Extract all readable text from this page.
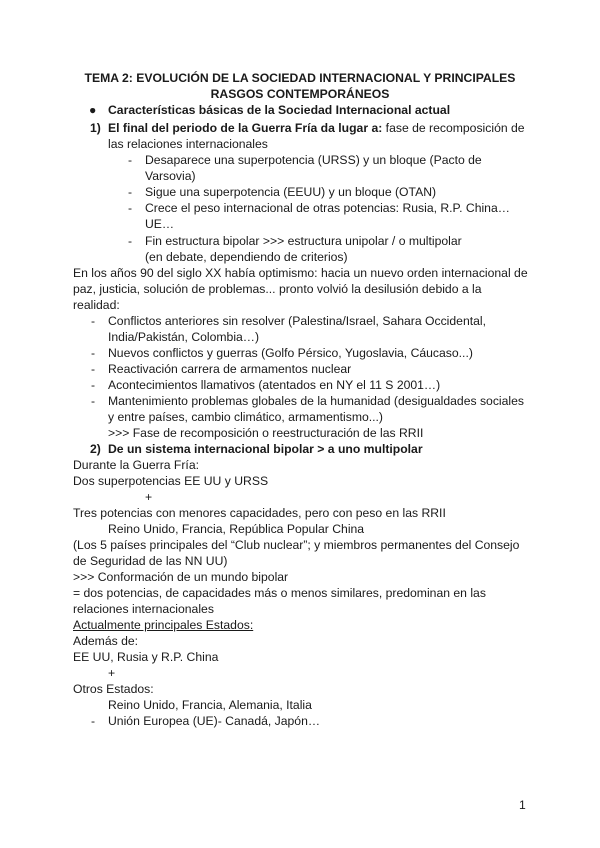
TEMA 2: EVOLUCIÓN DE LA SOCIEDAD INTERNACIONAL Y PRINCIPALES
RASGOS CONTEMPORÁNEOS
● Características básicas de la Sociedad Internacional actual
1) El final del periodo de la Guerra Fría da lugar a: fase de recomposición de
las relaciones internacionales
- Desaparece una superpotencia (URSS) y un bloque (Pacto de
Varsovia)
- Sigue una superpotencia (EEUU) y un bloque (OTAN)
- Crece el peso internacional de otras potencias: Rusia, R.P. China…
UE…
- Fin estructura bipolar >>> estructura unipolar / o multipolar
(en debate, dependiendo de criterios)
En los años 90 del siglo XX había optimismo: hacia un nuevo orden internacional de
paz, justicia, solución de problemas... pronto volvió la desilusión debido a la
realidad:
- Conflictos anteriores sin resolver (Palestina/Israel, Sahara Occidental,
India/Pakistán, Colombia…)
- Nuevos conflictos y guerras (Golfo Pérsico, Yugoslavia, Cáucaso...)
- Reactivación carrera de armamentos nuclear
- Acontecimientos llamativos (atentados en NY el 11 S 2001…)
- Mantenimiento problemas globales de la humanidad (desigualdades sociales
y entre países, cambio climático, armamentismo...)
>>> Fase de recomposición o reestructuración de las RRII
2) De un sistema internacional bipolar > a uno multipolar
Durante la Guerra Fría:
Dos superpotencias EE UU y URSS
+
Tres potencias con menores capacidades, pero con peso en las RRII
Reino Unido, Francia, República Popular China
(Los 5 países principales del “Club nuclear”; y miembros permanentes del Consejo
de Seguridad de las NN UU)
>>> Conformación de un mundo bipolar
= dos potencias, de capacidades más o menos similares, predominan en las
relaciones internacionales
Actualmente principales Estados:
Además de:
EE UU, Rusia y R.P. China
+
Otros Estados:
Reino Unido, Francia, Alemania, Italia
- Unión Europea (UE)- Canadá, Japón…
1
